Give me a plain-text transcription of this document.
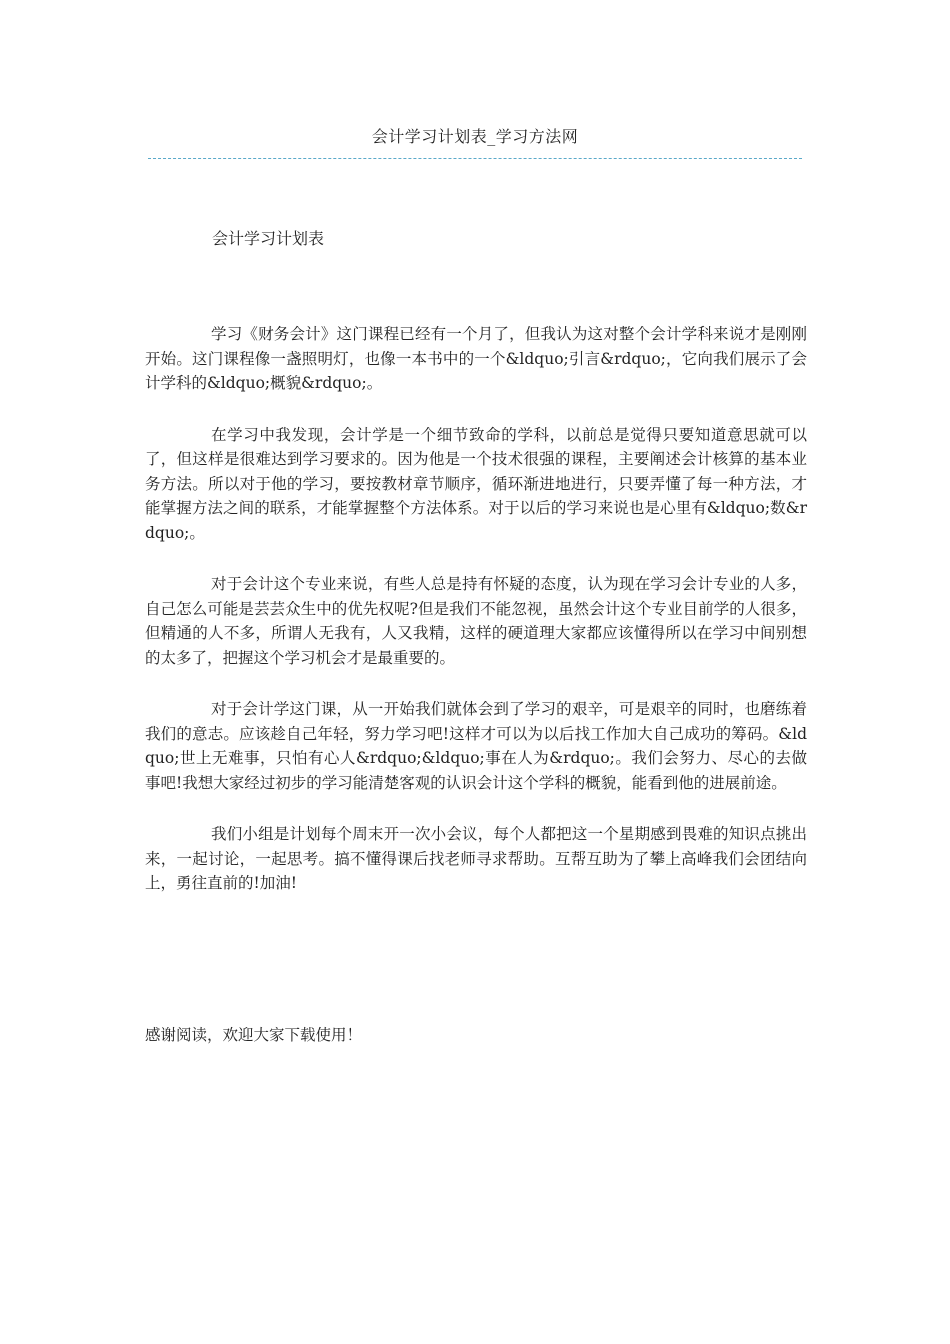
会计学习计划表_学习方法网
会计学习计划表

学习《财务会计》这门课程已经有一个月了，但我认为这对整个会计学科来说才是刚刚开始。这门课程像一盏照明灯，也像一本书中的一个&ldquo;引言&rdquo;，它向我们展示了会计学科的&ldquo;概貌&rdquo;。

在学习中我发现，会计学是一个细节致命的学科，以前总是觉得只要知道意思就可以了，但这样是很难达到学习要求的。因为他是一个技术很强的课程，主要阐述会计核算的基本业务方法。所以对于他的学习，要按教材章节顺序，循环渐进地进行，只要弄懂了每一种方法，才能掌握方法之间的联系，才能掌握整个方法体系。对于以后的学习来说也是心里有&ldquo;数&rdquo;。

对于会计这个专业来说，有些人总是持有怀疑的态度，认为现在学习会计专业的人多，自己怎么可能是芸芸众生中的优先权呢?但是我们不能忽视，虽然会计这个专业目前学的人很多，但精通的人不多，所谓人无我有，人又我精，这样的硬道理大家都应该懂得所以在学习中间别想的太多了，把握这个学习机会才是最重要的。

对于会计学这门课，从一开始我们就体会到了学习的艰辛，可是艰辛的同时，也磨练着我们的意志。应该趁自己年轻，努力学习吧!这样才可以为以后找工作加大自己成功的筹码。&ldquo;世上无难事，只怕有心人&rdquo;&ldquo;事在人为&rdquo;。我们会努力、尽心的去做事吧!我想大家经过初步的学习能清楚客观的认识会计这个学科的概貌，能看到他的进展前途。

我们小组是计划每个周末开一次小会议，每个人都把这一个星期感到畏难的知识点挑出来，一起讨论，一起思考。搞不懂得课后找老师寻求帮助。互帮互助为了攀上高峰我们会团结向上，勇往直前的!加油!

感谢阅读，欢迎大家下载使用！
